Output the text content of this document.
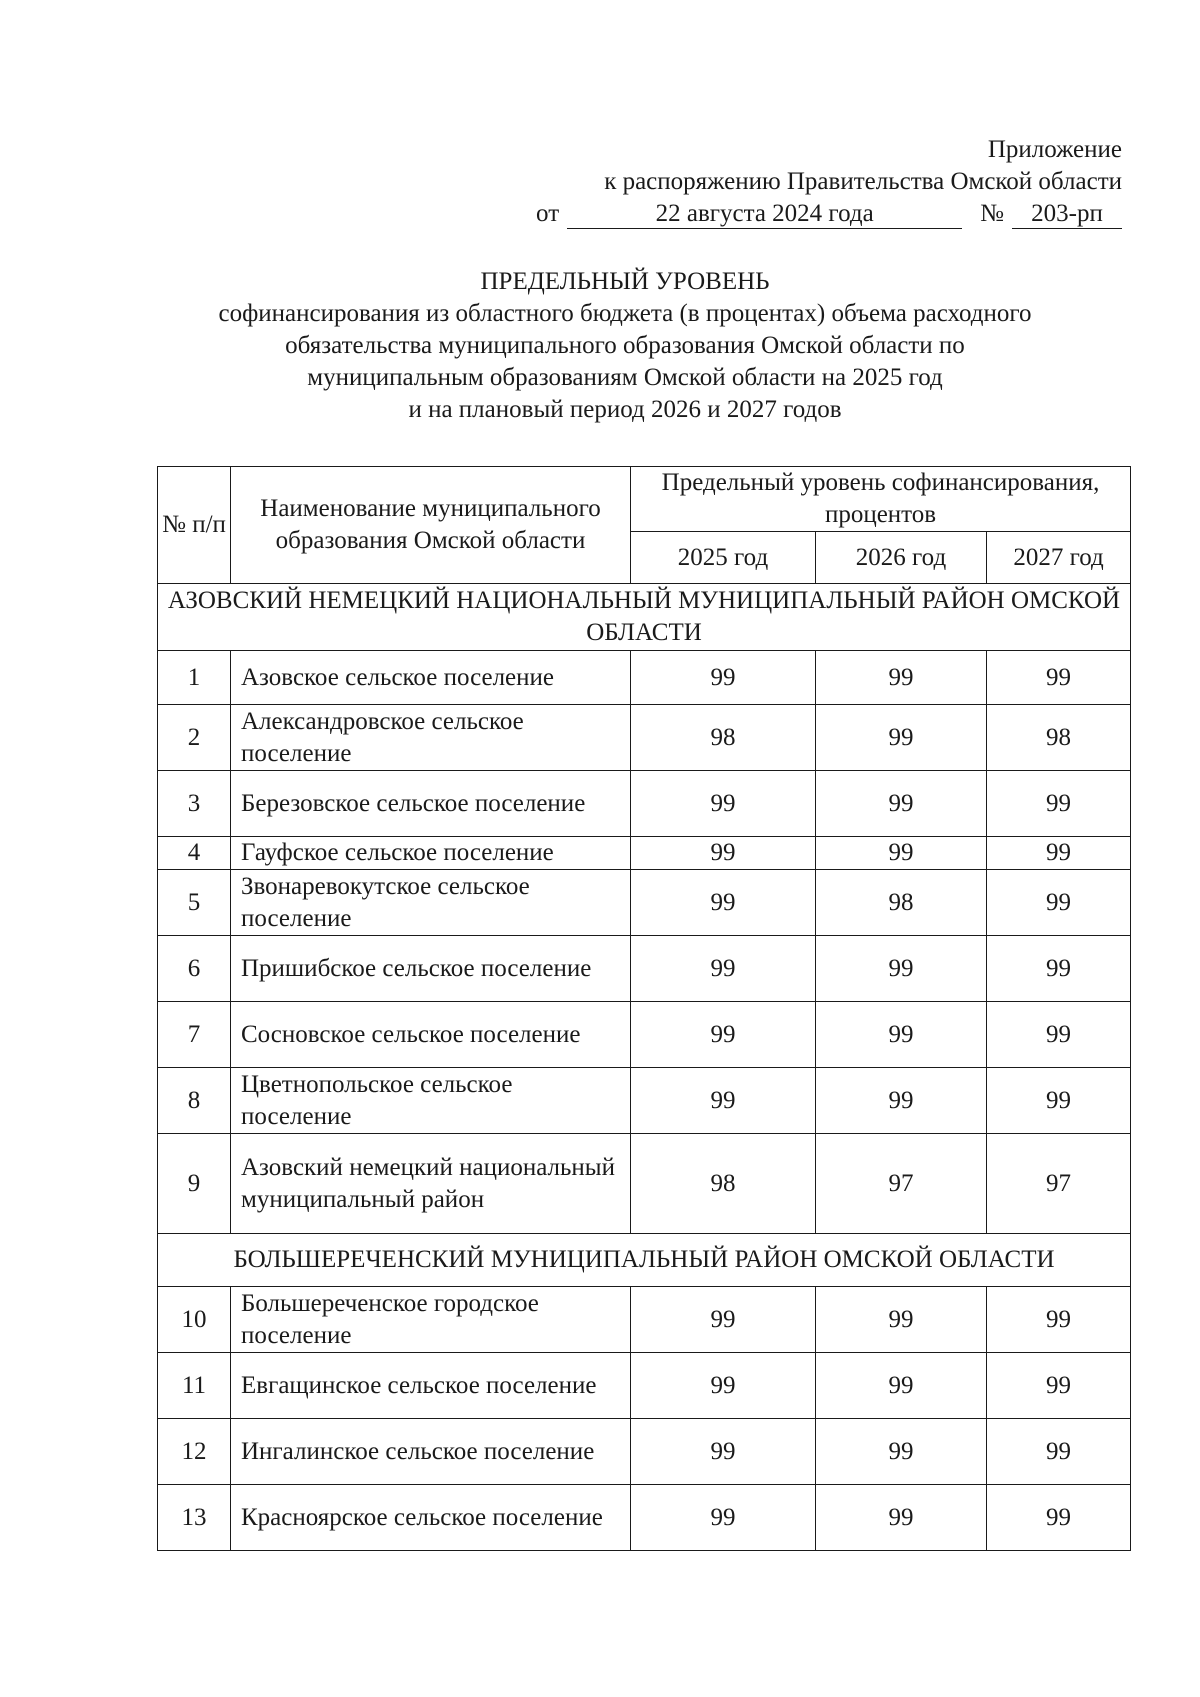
Приложение
к распоряжению Правительства Омской области
от	22 августа 2024 года	№ 203-рп
ПРЕДЕЛЬНЫЙ УРОВЕНЬ
софинансирования из областного бюджета (в процентах) объема расходного
обязательства муниципального образования Омской области по
муниципальным образованиям Омской области на 2025 год
и на плановый период 2026 и 2027 годов
№ п/п	Наименование муниципального образования Омской области	Предельный уровень софинансирования, процентов		
		2025 год	2026 год	2027 год
АЗОВСКИЙ НЕМЕЦКИЙ НАЦИОНАЛЬНЫЙ МУНИЦИПАЛЬНЫЙ РАЙОН ОМСКОЙ ОБЛАСТИ				
1	Азовское сельское поселение	99	99	99
2	Александровское сельское поселение	98	99	98
3	Березовское сельское поселение	99	99	99
4	Гауфское сельское поселение	99	99	99
5	Звонаревокутское сельское поселение	99	98	99
6	Пришибское сельское поселение	99	99	99
7	Сосновское сельское поселение	99	99	99
8	Цветнопольское сельское поселение	99	99	99
9	Азовский немецкий национальный муниципальный район	98	97	97
БОЛЬШЕРЕЧЕНСКИЙ МУНИЦИПАЛЬНЫЙ РАЙОН ОМСКОЙ ОБЛАСТИ				
10	Большереченское городское поселение	99	99	99
11	Евгащинское сельское поселение	99	99	99
12	Ингалинское сельское поселение	99	99	99
13	Красноярское сельское поселение	99	99	99
